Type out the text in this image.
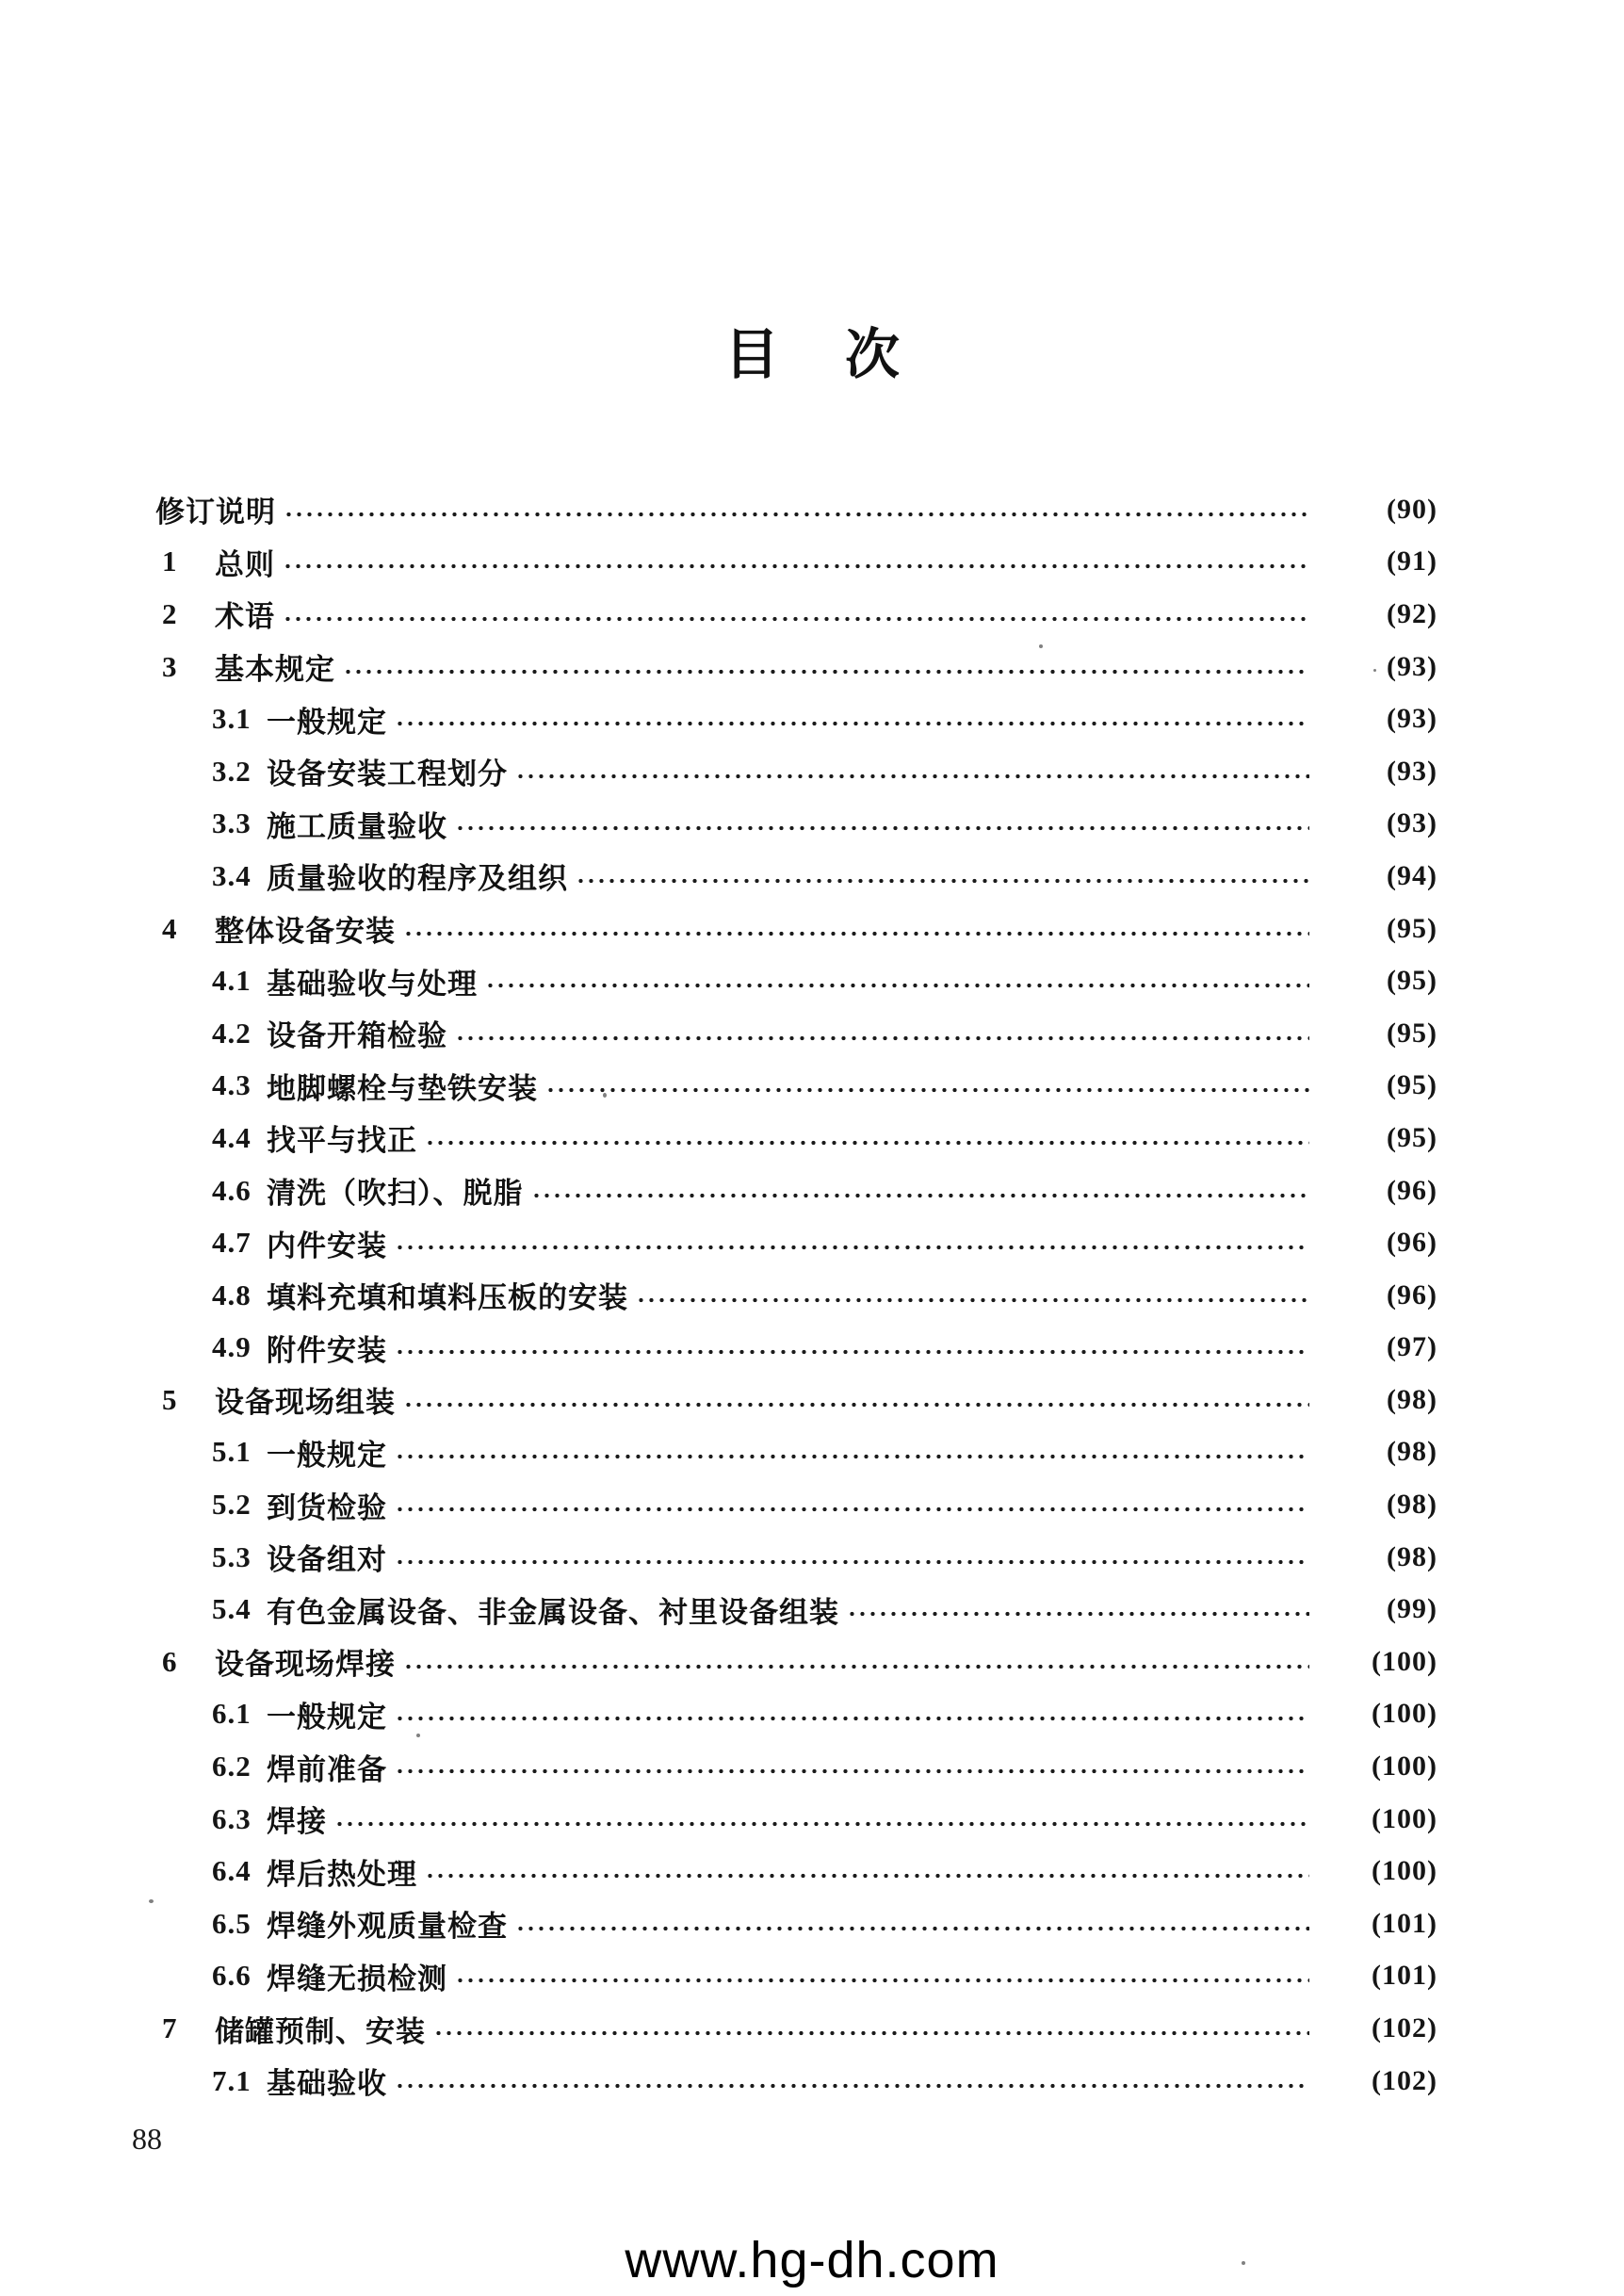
目 次
修订说明	(90)
1	总则	(91)
2	术语	(92)
3	基本规定	(93)
3.1 一般规定	(93)
3.2 设备安装工程划分	(93)
3.3 施工质量验收	(93)
3.4 质量验收的程序及组织	(94)
4	整体设备安装	(95)
4.1 基础验收与处理	(95)
4.2 设备开箱检验	(95)
4.3 地脚螺栓与垫铁安装	(95)
4.4 找平与找正	(95)
4.6 清洗（吹扫）、脱脂	(96)
4.7 内件安装	(96)
4.8 填料充填和填料压板的安装	(96)
4.9 附件安装	(97)
5	设备现场组装	(98)
5.1 一般规定	(98)
5.2 到货检验	(98)
5.3 设备组对	(98)
5.4 有色金属设备、非金属设备、衬里设备组装	(99)
6	设备现场焊接	(100)
6.1 一般规定	(100)
6.2 焊前准备	(100)
6.3 焊接	(100)
6.4 焊后热处理	(100)
6.5 焊缝外观质量检查	(101)
6.6 焊缝无损检测	(101)
7	储罐预制、安装	(102)
7.1 基础验收	(102)
88
www.hg-dh.com
